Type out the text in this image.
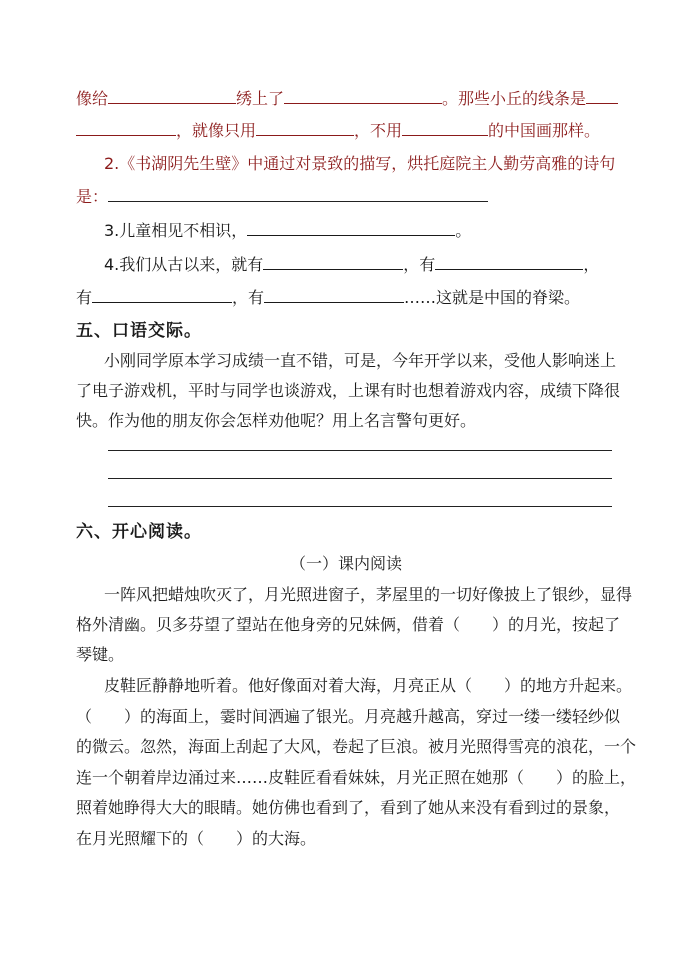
像给	绣上了	。那些小丘的线条是
，就像只用	，不用	的中国画那样。
2.《书湖阴先生壁》中通过对景致的描写，烘托庭院主人勤劳高雅的诗句
是：
3.儿童相见不相识，	。
4.我们从古以来，就有	，有	，
有	，有	……这就是中国的脊梁。
五、口语交际。
小刚同学原本学习成绩一直不错，可是，今年开学以来，受他人影响迷上
了电子游戏机，平时与同学也谈游戏，上课有时也想着游戏内容，成绩下降很
快。作为他的朋友你会怎样劝他呢？用上名言警句更好。
六、开心阅读。
（一）课内阅读
一阵风把蜡烛吹灭了，月光照进窗子，茅屋里的一切好像披上了银纱，显得
格外清幽。贝多芬望了望站在他身旁的兄妹俩，借着（　　）的月光，按起了
琴键。
皮鞋匠静静地听着。他好像面对着大海，月亮正从（　　）的地方升起来。
（　　）的海面上，霎时间洒遍了银光。月亮越升越高，穿过一缕一缕轻纱似
的微云。忽然，海面上刮起了大风，卷起了巨浪。被月光照得雪亮的浪花，一个
连一个朝着岸边涌过来……皮鞋匠看看妹妹，月光正照在她那（　　）的脸上，
照着她睁得大大的眼睛。她仿佛也看到了，看到了她从来没有看到过的景象，
在月光照耀下的（　　）的大海。
